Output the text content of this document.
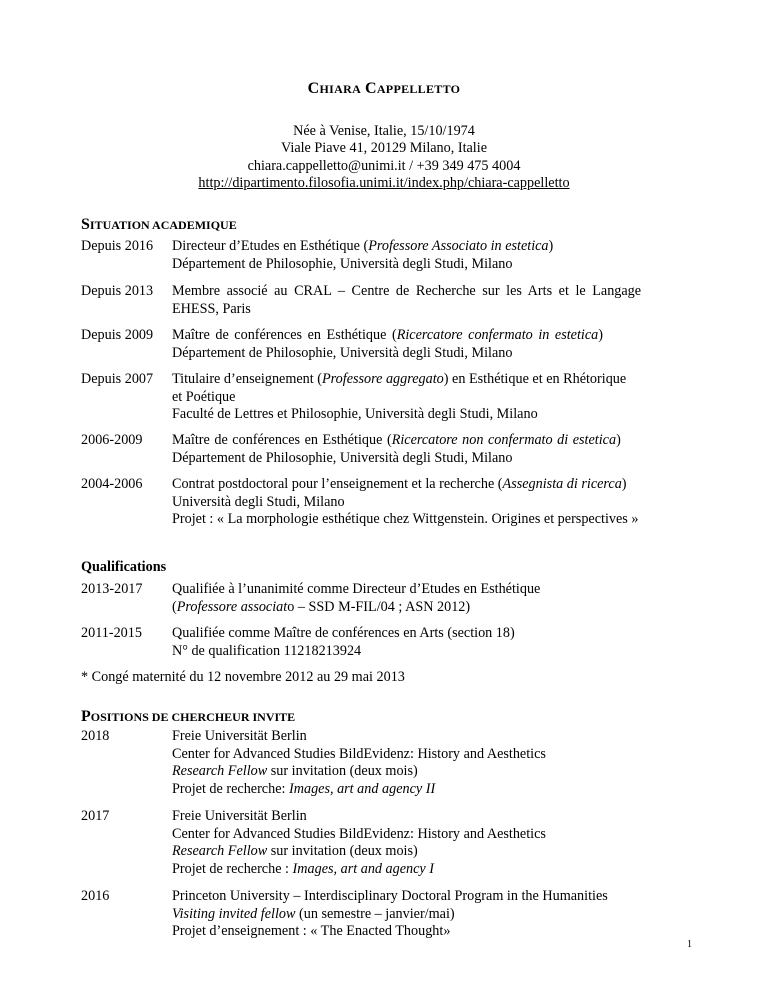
CHIARA CAPPELLETTO
Née à Venise, Italie, 15/10/1974
Viale Piave 41, 20129 Milano, Italie
chiara.cappelletto@unimi.it / +39 349 475 4004
http://dipartimento.filosofia.unimi.it/index.php/chiara-cappelletto
SITUATION ACADEMIQUE
Depuis 2016	Directeur d’Etudes en Esthétique (Professore Associato in estetica)
Département de Philosophie, Università degli Studi, Milano
Depuis 2013	Membre associé au CRAL – Centre de Recherche sur les Arts et le Langage
EHESS, Paris
Depuis 2009	Maître de conférences en Esthétique (Ricercatore confermato in estetica)
Département de Philosophie, Università degli Studi, Milano
Depuis 2007	Titulaire d’enseignement (Professore aggregato) en Esthétique et en Rhétorique
et Poétique
Faculté de Lettres et Philosophie, Università degli Studi, Milano
2006-2009	Maître de conférences en Esthétique (Ricercatore non confermato di estetica)
Département de Philosophie, Università degli Studi, Milano
2004-2006	Contrat postdoctoral pour l’enseignement et la recherche (Assegnista di ricerca)
Università degli Studi, Milano
Projet : « La morphologie esthétique chez Wittgenstein. Origines et perspectives »
Qualifications
2013-2017	Qualifiée à l’unanimité comme Directeur d’Etudes en Esthétique
(Professore associato – SSD M-FIL/04 ; ASN 2012)
2011-2015	Qualifiée comme Maître de conférences en Arts (section 18)
N° de qualification 11218213924
* Congé maternité du 12 novembre 2012 au 29 mai 2013
POSITIONS DE CHERCHEUR INVITE
2018	Freie Universität Berlin
Center for Advanced Studies BildEvidenz: History and Aesthetics
Research Fellow sur invitation (deux mois)
Projet de recherche: Images, art and agency II
2017	Freie Universität Berlin
Center for Advanced Studies BildEvidenz: History and Aesthetics
Research Fellow sur invitation (deux mois)
Projet de recherche : Images, art and agency I
2016	Princeton University – Interdisciplinary Doctoral Program in the Humanities
Visiting invited fellow (un semestre – janvier/mai)
Projet d’enseignement : « The Enacted Thought»
1
